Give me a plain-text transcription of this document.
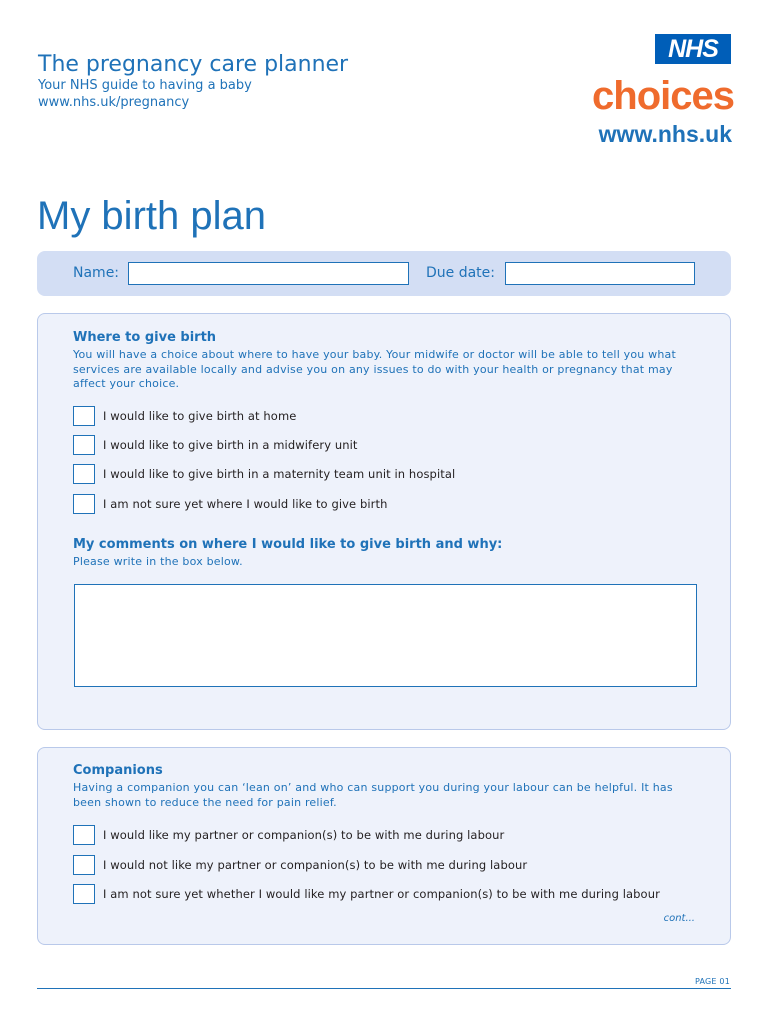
The pregnancy care planner
Your NHS guide to having a baby
www.nhs.uk/pregnancy
NHS
choices
www.nhs.uk
My birth plan
Name:	Due date:
Where to give birth
You will have a choice about where to have your baby. Your midwife or doctor will be able to tell you what services are available locally and advise you on any issues to do with your health or pregnancy that may affect your choice.
I would like to give birth at home
I would like to give birth in a midwifery unit
I would like to give birth in a maternity team unit in hospital
I am not sure yet where I would like to give birth
My comments on where I would like to give birth and why:
Please write in the box below.
Companions
Having a companion you can ‘lean on’ and who can support you during your labour can be helpful. It has been shown to reduce the need for pain relief.
I would like my partner or companion(s) to be with me during labour
I would not like my partner or companion(s) to be with me during labour
I am not sure yet whether I would like my partner or companion(s) to be with me during labour
cont...
PAGE 01
